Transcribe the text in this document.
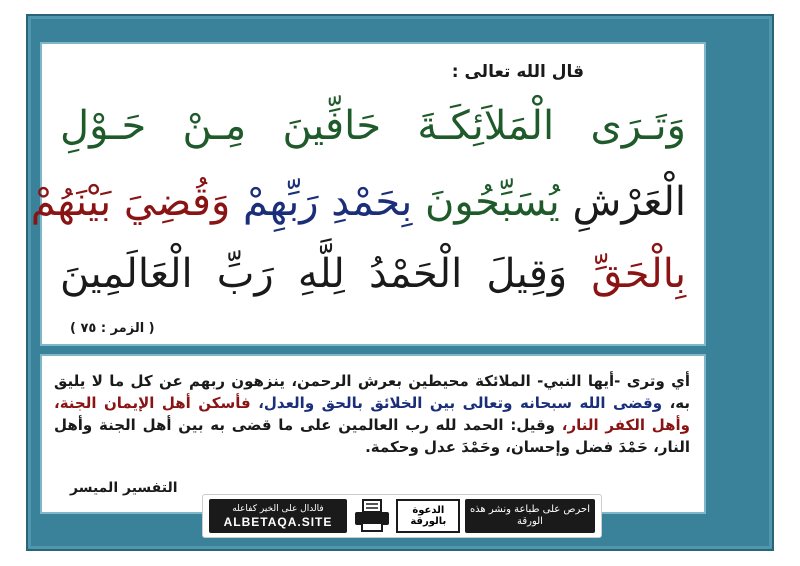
قال الله تعالى :
وَتَـرَى الْمَلاَئِكَـةَ حَافِّينَ مِـنْ حَـوْلِ
الْعَرْشِ يُسَبِّحُونَ بِحَمْدِ رَبِّهِمْ وَقُضِيَ بَيْنَهُمْ
بِالْحَقِّ وَقِيلَ الْحَمْدُ لِلَّهِ رَبِّ الْعَالَمِينَ
( الزمر : ٧٥ )
أي وترى -أيها النبي- الملائكة محيطين بعرش الرحمن، ينزهون ربهم عن كل ما لا يليق به، وقضى الله سبحانه وتعالى بين الخلائق بالحق والعدل، فأسكن أهل الإيمان الجنة، وأهل الكفر النار، وقيل: الحمد لله رب العالمين على ما قضى به بين أهل الجنة وأهل النار، حَمْدَ فضل وإحسان، وحَمْدَ عدل وحكمة.
التفسير الميسر
فالدال على الخير كفاعله
ALBETAQA.SITE
الدعوة بالورقة
احرص على طباعة ونشر هذه الورقة
